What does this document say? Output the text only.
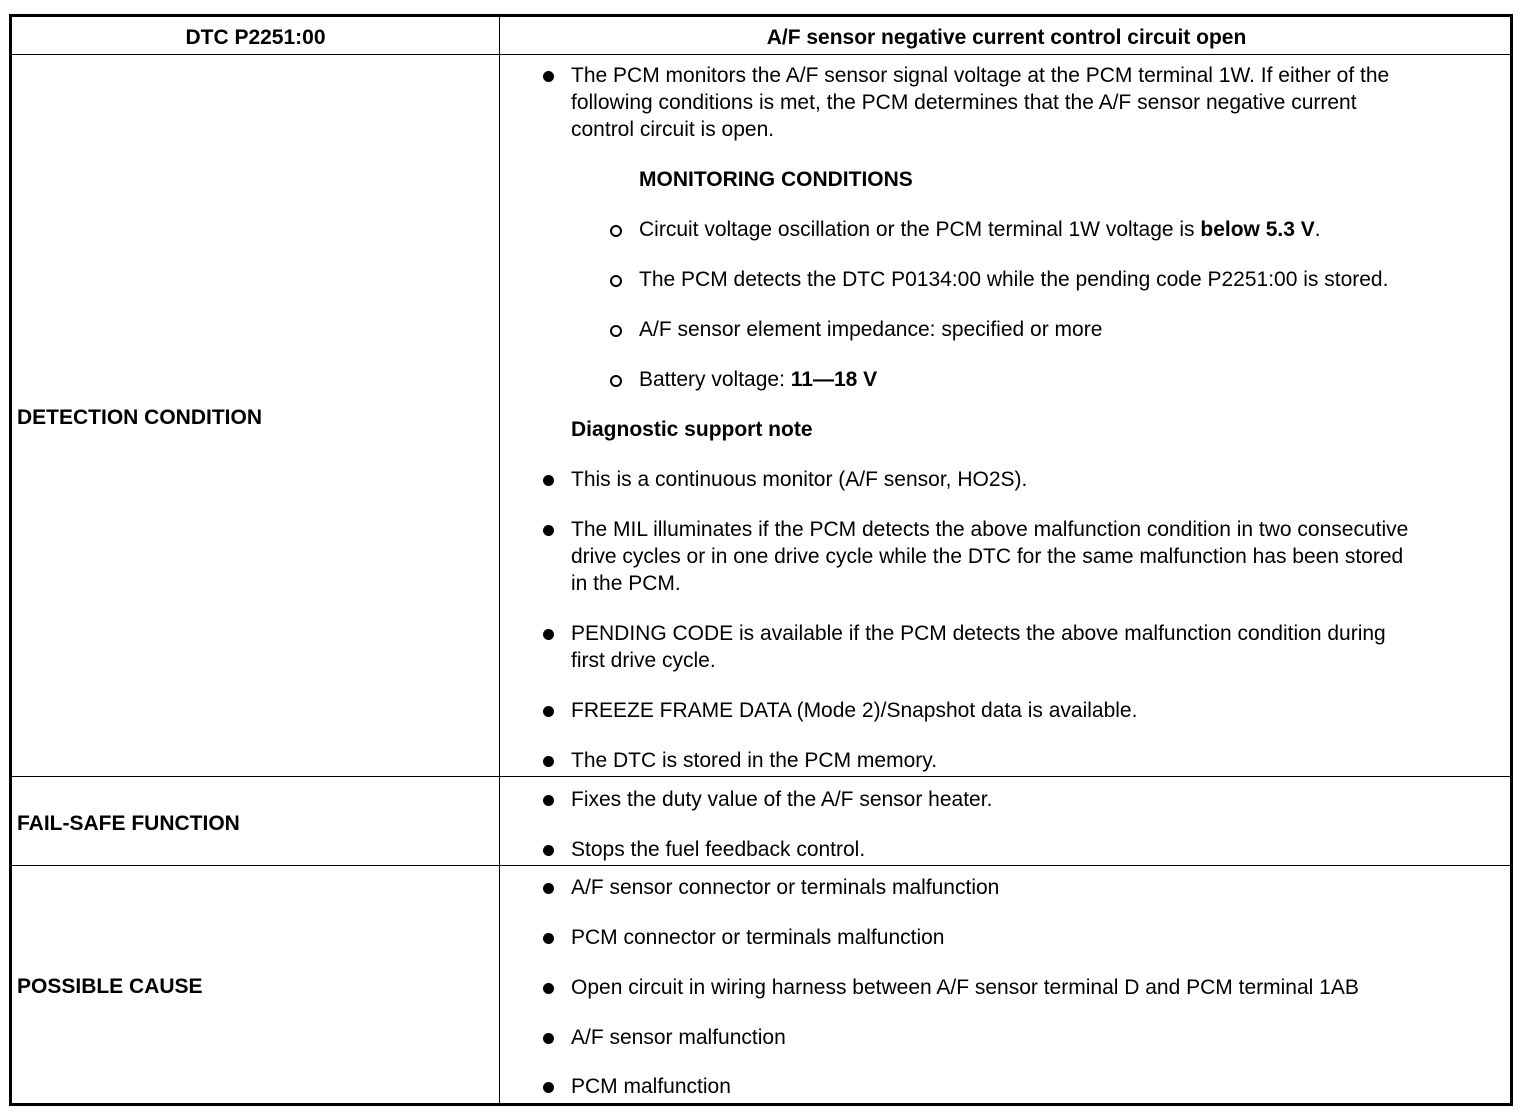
DTC P2251:00	A/F sensor negative current control circuit open
DETECTION CONDITION
FAIL-SAFE FUNCTION
POSSIBLE CAUSE
The PCM monitors the A/F sensor signal voltage at the PCM terminal 1W. If either of the
following conditions is met, the PCM determines that the A/F sensor negative current
control circuit is open.
MONITORING CONDITIONS
Circuit voltage oscillation or the PCM terminal 1W voltage is below 5.3 V.
The PCM detects the DTC P0134:00 while the pending code P2251:00 is stored.
A/F sensor element impedance: specified or more
Battery voltage: 11—18 V
Diagnostic support note
This is a continuous monitor (A/F sensor, HO2S).
The MIL illuminates if the PCM detects the above malfunction condition in two consecutive
drive cycles or in one drive cycle while the DTC for the same malfunction has been stored
in the PCM.
PENDING CODE is available if the PCM detects the above malfunction condition during
first drive cycle.
FREEZE FRAME DATA (Mode 2)/Snapshot data is available.
The DTC is stored in the PCM memory.
Fixes the duty value of the A/F sensor heater.
Stops the fuel feedback control.
A/F sensor connector or terminals malfunction
PCM connector or terminals malfunction
Open circuit in wiring harness between A/F sensor terminal D and PCM terminal 1AB
A/F sensor malfunction
PCM malfunction
